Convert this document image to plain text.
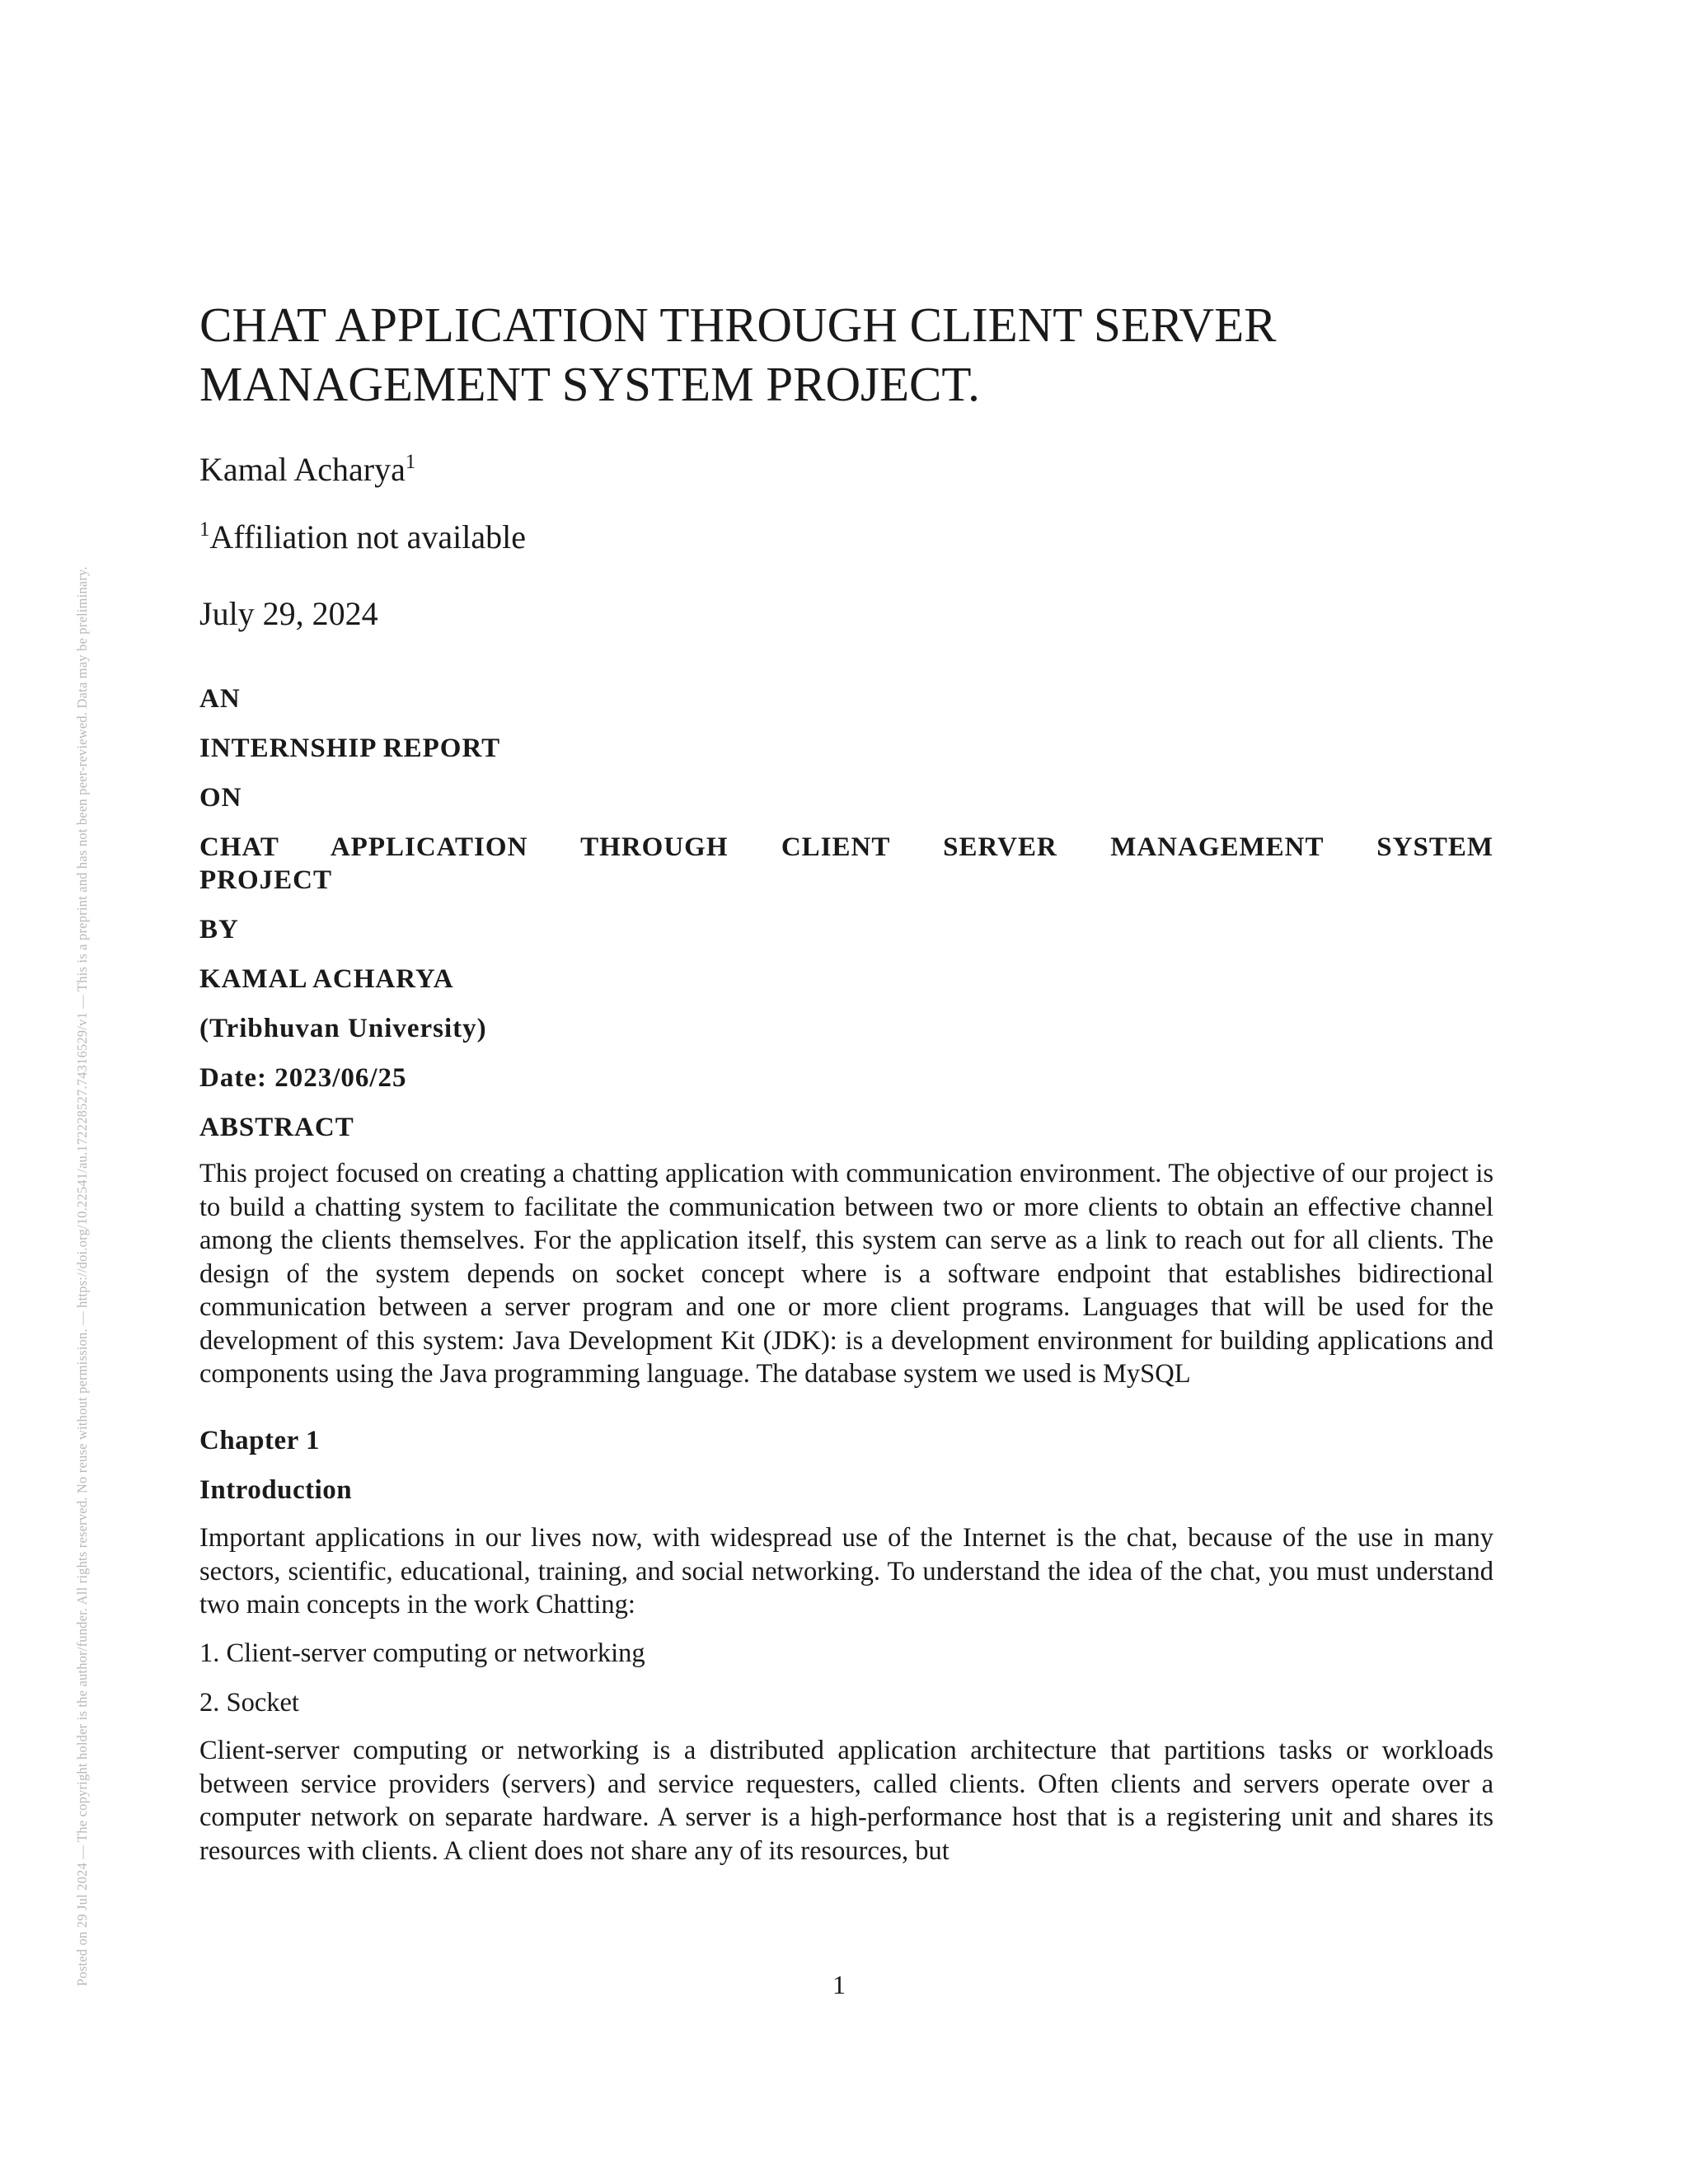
Posted on 29 Jul 2024 — The copyright holder is the author/funder. All rights reserved. No reuse without permission. — https://doi.org/10.22541/au.172228527.74316529/v1 — This is a preprint and has not been peer-reviewed. Data may be preliminary.
CHAT APPLICATION THROUGH CLIENT SERVER
MANAGEMENT SYSTEM PROJECT.
Kamal Acharya$^1$
$^1$Affiliation not available
July 29, 2024

AN

INTERNSHIP REPORT

ON

CHAT APPLICATION THROUGH CLIENT SERVER MANAGEMENT SYSTEM PROJECT

BY

KAMAL ACHARYA

(Tribhuvan University)

Date: 2023/06/25

ABSTRACT

This project focused on creating a chatting application with communication environment. The objective of our project is to build a chatting system to facilitate the communication between two or more clients to obtain an effective channel among the clients themselves. For the application itself, this system can serve as a link to reach out for all clients. The design of the system depends on socket concept where is a software endpoint that establishes bidirectional communication between a server program and one or more client programs. Languages that will be used for the development of this system: Java Development Kit (JDK): is a development environment for building applications and components using the Java programming language. The database system we used is MySQL

Chapter 1

Introduction

Important applications in our lives now, with widespread use of the Internet is the chat, because of the use in many sectors, scientific, educational, training, and social networking. To understand the idea of the chat, you must understand two main concepts in the work Chatting:

1. Client-server computing or networking

2. Socket

Client-server computing or networking is a distributed application architecture that partitions tasks or workloads between service providers (servers) and service requesters, called clients. Often clients and servers operate over a computer network on separate hardware. A server is a high-performance host that is a registering unit and shares its resources with clients. A client does not share any of its resources, but

1
